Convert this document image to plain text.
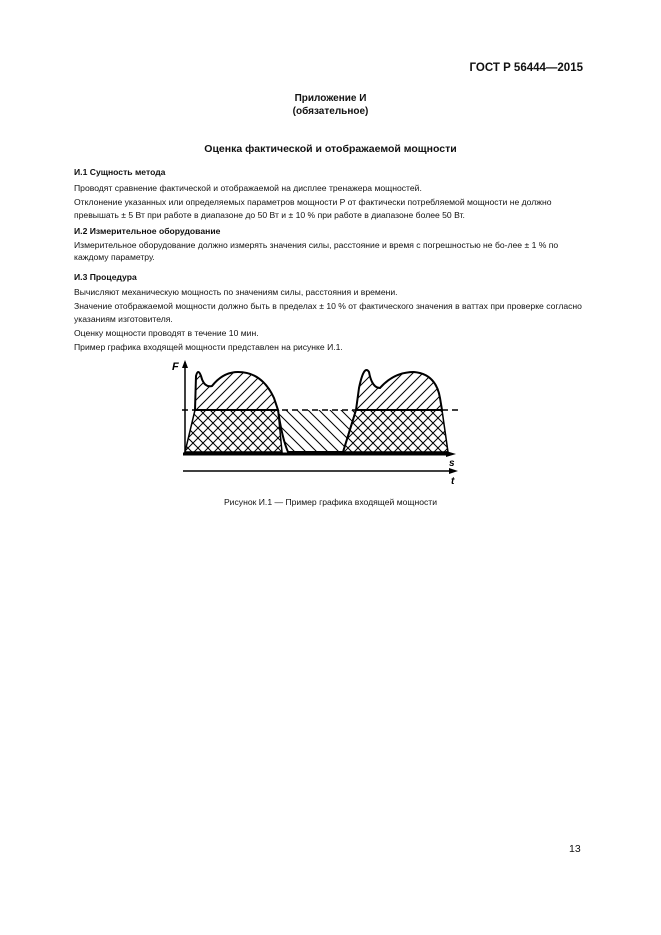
ГОСТ Р 56444—2015
Приложение И
(обязательное)
Оценка фактической и отображаемой мощности
И.1 Сущность метода

Проводят сравнение фактической и отображаемой на дисплее тренажера мощностей.

Отклонение указанных или определяемых параметров мощности P от фактически потребляемой мощности не должно превышать ± 5 Вт при работе в диапазоне до 50 Вт и ± 10 % при работе в диапазоне более 50 Вт.

И.2 Измерительное оборудование

Измерительное оборудование должно измерять значения силы, расстояние и время с погрешностью не бо-лее ± 1 % по каждому параметру.

И.3 Процедура

Вычисляют механическую мощность по значениям силы, расстояния и времени.

Значение отображаемой мощности должно быть в пределах ± 10 % от фактического значения в ваттах при проверке согласно указаниям изготовителя.

Оценку мощности проводят в течение 10 мин.

Пример графика входящей мощности представлен на рисунке И.1.

F
s
t
Рисунок И.1 — Пример графика входящей мощности
13
